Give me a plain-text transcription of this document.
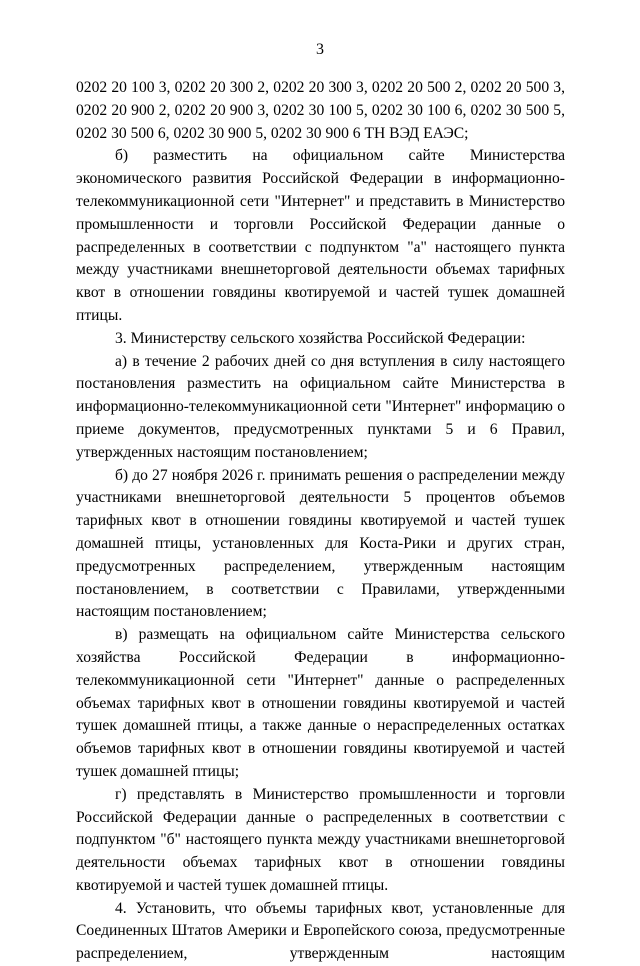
3

0202 20 100 3, 0202 20 300 2, 0202 20 300 3, 0202 20 500 2, 0202 20 500 3, 0202 20 900 2, 0202 20 900 3, 0202 30 100 5, 0202 30 100 6, 0202 30 500 5, 0202 30 500 6, 0202 30 900 5, 0202 30 900 6 ТН ВЭД ЕАЭС;

б) разместить на официальном сайте Министерства экономического развития Российской Федерации в информационно-телекоммуникационной сети "Интернет" и представить в Министерство промышленности и торговли Российской Федерации данные о распределенных в соответствии с подпунктом "а" настоящего пункта между участниками внешнеторговой деятельности объемах тарифных квот в отношении говядины квотируемой и частей тушек домашней птицы.

3. Министерству сельского хозяйства Российской Федерации:

а) в течение 2 рабочих дней со дня вступления в силу настоящего постановления разместить на официальном сайте Министерства в информационно-телекоммуникационной сети "Интернет" информацию о приеме документов, предусмотренных пунктами 5 и 6 Правил, утвержденных настоящим постановлением;

б) до 27 ноября 2026 г. принимать решения о распределении между участниками внешнеторговой деятельности 5 процентов объемов тарифных квот в отношении говядины квотируемой и частей тушек домашней птицы, установленных для Коста-Рики и других стран, предусмотренных распределением, утвержденным настоящим постановлением, в соответствии с Правилами, утвержденными настоящим постановлением;

в) размещать на официальном сайте Министерства сельского хозяйства Российской Федерации в информационно-телекоммуникационной сети "Интернет" данные о распределенных объемах тарифных квот в отношении говядины квотируемой и частей тушек домашней птицы, а также данные о нераспределенных остатках объемов тарифных квот в отношении говядины квотируемой и частей тушек домашней птицы;

г) представлять в Министерство промышленности и торговли Российской Федерации данные о распределенных в соответствии с подпунктом "б" настоящего пункта между участниками внешнеторговой деятельности объемах тарифных квот в отношении говядины квотируемой и частей тушек домашней птицы.

4. Установить, что объемы тарифных квот, установленные для Соединенных Штатов Америки и Европейского союза, предусмотренные распределением, утвержденным настоящим
